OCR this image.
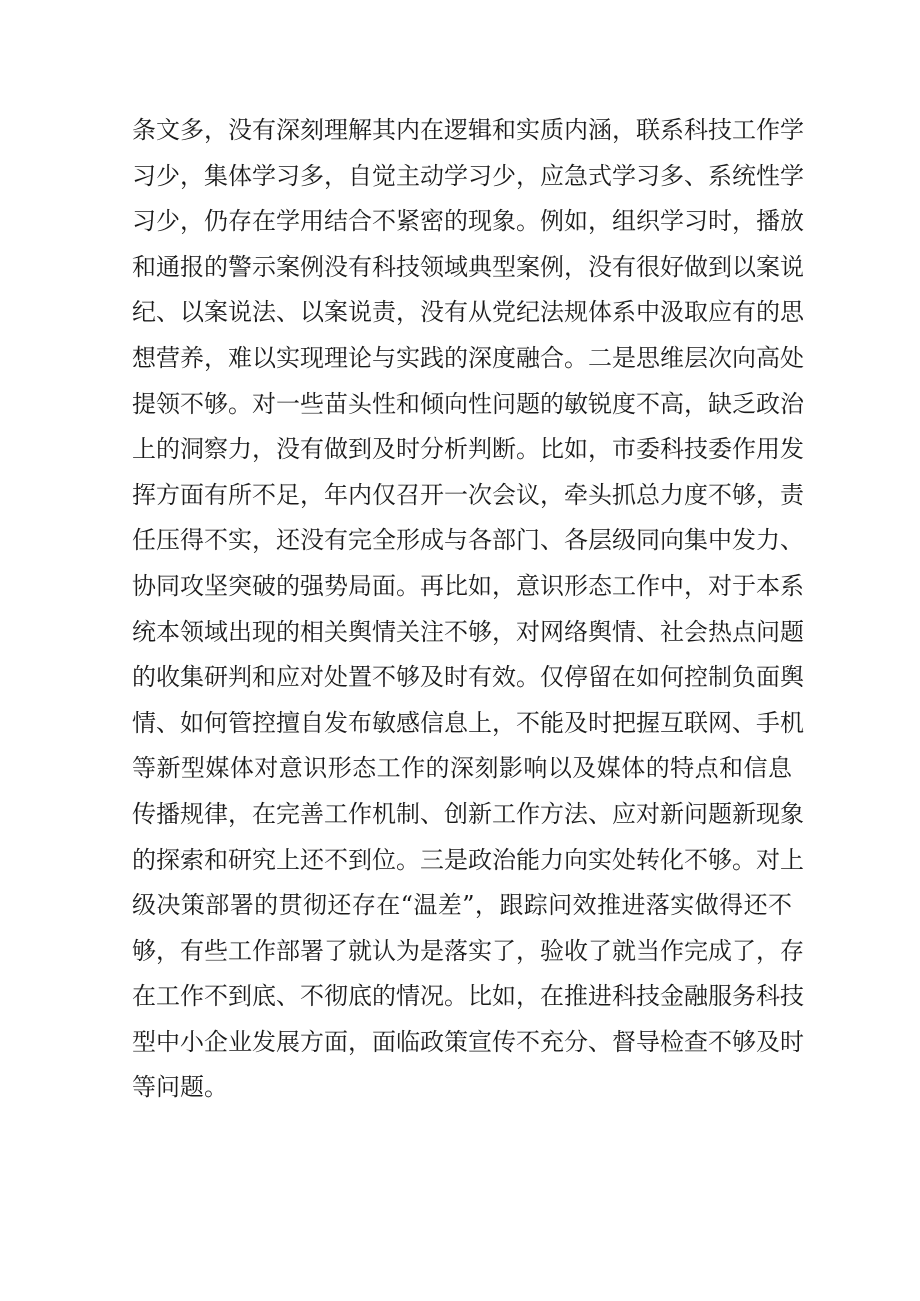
条文多，没有深刻理解其内在逻辑和实质内涵，联系科技工作学
习少，集体学习多，自觉主动学习少，应急式学习多、系统性学
习少，仍存在学用结合不紧密的现象。例如，组织学习时，播放
和通报的警示案例没有科技领域典型案例，没有很好做到以案说
纪、以案说法、以案说责，没有从党纪法规体系中汲取应有的思
想营养，难以实现理论与实践的深度融合。二是思维层次向高处
提领不够。对一些苗头性和倾向性问题的敏锐度不高，缺乏政治
上的洞察力，没有做到及时分析判断。比如，市委科技委作用发
挥方面有所不足，年内仅召开一次会议，牵头抓总力度不够，责
任压得不实，还没有完全形成与各部门、各层级同向集中发力、
协同攻坚突破的强势局面。再比如，意识形态工作中，对于本系
统本领域出现的相关舆情关注不够，对网络舆情、社会热点问题
的收集研判和应对处置不够及时有效。仅停留在如何控制负面舆
情、如何管控擅自发布敏感信息上，不能及时把握互联网、手机
等新型媒体对意识形态工作的深刻影响以及媒体的特点和信息
传播规律，在完善工作机制、创新工作方法、应对新问题新现象
的探索和研究上还不到位。三是政治能力向实处转化不够。对上
级决策部署的贯彻还存在“温差”，跟踪问效推进落实做得还不
够，有些工作部署了就认为是落实了，验收了就当作完成了，存
在工作不到底、不彻底的情况。比如，在推进科技金融服务科技
型中小企业发展方面，面临政策宣传不充分、督导检查不够及时
等问题。
